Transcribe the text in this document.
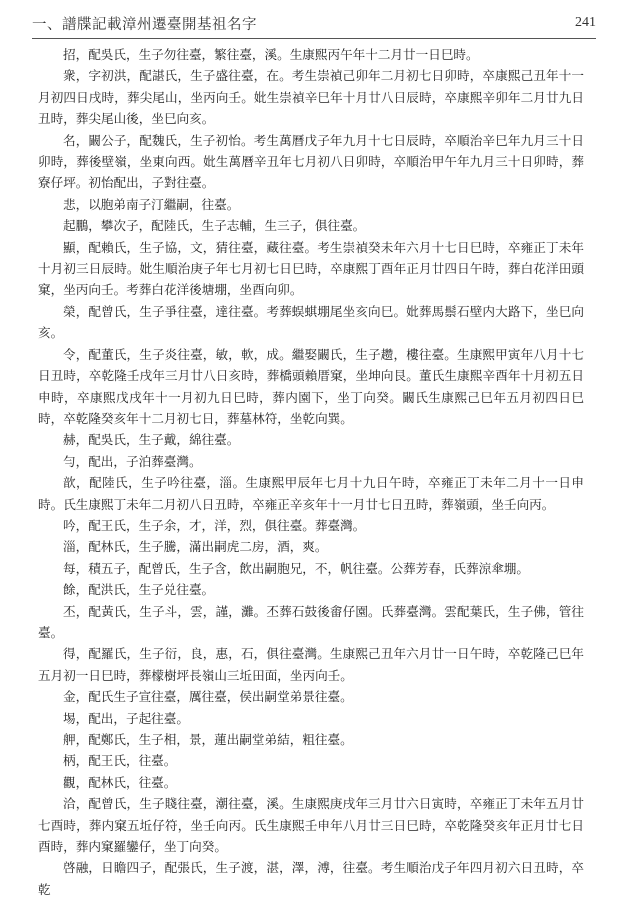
一、譜牒記載漳州遷臺開基祖名字	241

招，配吳氏，生子勿往臺，繁往臺，溪。生康熙丙午年十二月廿一日巳時。

衆，字初洪，配諶氏，生子盛往臺，在。考生崇禎己卯年二月初七日卯時，卒康熙己丑年十一月初四日戌時，葬尖尾山，坐丙向壬。妣生崇禎辛巳年十月廿八日辰時，卒康熙辛卯年二月廿九日丑時，葬尖尾山後，坐巳向亥。

名，闞公子，配魏氏，生子初怡。考生萬曆戊子年九月十七日辰時，卒順治辛巳年九月三十日卯時，葬後壁嶺，坐東向西。妣生萬曆辛丑年七月初八日卯時，卒順治甲午年九月三十日卯時，葬寮仔坪。初怡配出，子對往臺。

悲，以胞弟南子汀繼嗣，往臺。

起鵬，攀次子，配陸氏，生子志輔，生三子，俱往臺。

顯，配賴氏，生子協，文，猜往臺，藏往臺。考生崇禎癸未年六月十七日巳時，卒雍正丁未年十月初三日辰時。妣生順治庚子年七月初七日巳時，卒康熙丁酉年正月廿四日午時，葬白花洋田頭窠，坐丙向壬。考葬白花洋後塘堋，坐酉向卯。

榮，配曾氏，生子爭往臺，達往臺。考葬蜈蜞堋尾坐亥向巳。妣葬馬鬃石壁内大路下，坐巳向亥。

令，配董氏，生子炎往臺，敏，軟，成。繼娶闞氏，生子趱，樓往臺。生康熙甲寅年八月十七日丑時，卒乾隆壬戌年三月廿八日亥時，葬橋頭賴厝窠，坐坤向艮。董氏生康熙辛酉年十月初五日申時，卒康熙戊戌年十一月初九日巳時，葬内園下，坐丁向癸。闞氏生康熙己巳年五月初四日巳時，卒乾隆癸亥年十二月初七日，葬墓林符，坐乾向巽。

赫，配吳氏，生子戴，綿往臺。

勻，配出，子泊葬臺灣。

歆，配陸氏，生子吟往臺，淄。生康熙甲辰年七月十九日午時，卒雍正丁未年二月十一日申時。氏生康熙丁未年二月初八日丑時，卒雍正辛亥年十一月廿七日丑時，葬嶺頭，坐壬向丙。

吟，配王氏，生子余，才，洋，烈，俱往臺。葬臺灣。

淄，配林氏，生子騰，滿出嗣虎二房，酒，爽。

每，積五子，配曾氏，生子含，飲出嗣胞兄，不，帆往臺。公葬芳春，氏葬涼傘堋。

餘，配洪氏，生子兑往臺。

丕，配黃氏，生子斗，雲，謹，灘。丕葬石鼓後畬仔園。氏葬臺灣。雲配葉氏，生子佛，管往臺。

得，配羅氏，生子衍，良，惠，石，俱往臺灣。生康熙己丑年六月廿一日午時，卒乾隆己巳年五月初一日巳時，葬檬樹坪長嶺山三坵田面，坐丙向壬。

金，配氏生子宣往臺，厲往臺，侯出嗣堂弟景往臺。

埸，配出，子起往臺。

舺，配鄭氏，生子相，景，蓮出嗣堂弟結，粗往臺。

柄，配王氏，往臺。

觀，配林氏，往臺。

洽，配曾氏，生子賤往臺，潮往臺，溪。生康熙庚戌年三月廿六日寅時，卒雍正丁未年五月廿七酉時，葬内窠五坵仔符，坐壬向丙。氏生康熙壬申年八月廿三日巳時，卒乾隆癸亥年正月廿七日酉時，葬内窠羅鑾仔，坐丁向癸。

啓融，日瞻四子，配張氏，生子渡，湛，澤，溥，往臺。考生順治戊子年四月初六日丑時，卒乾
